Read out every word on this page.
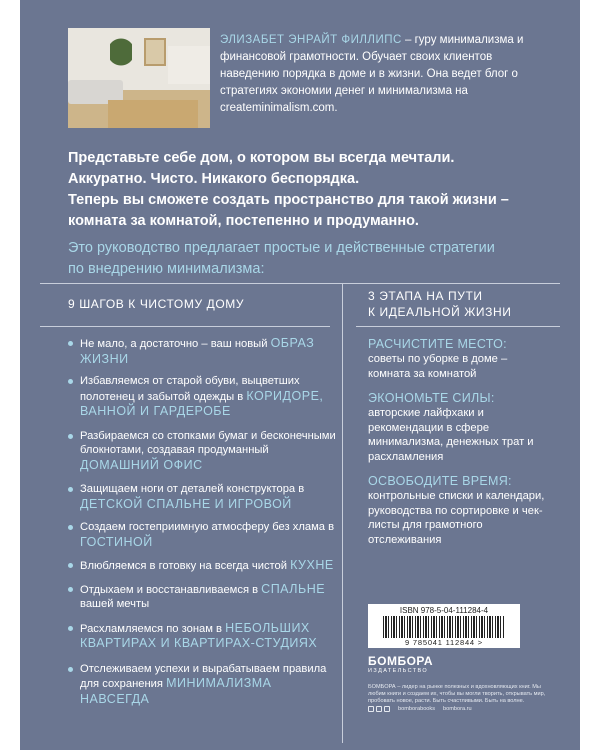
ЭЛИЗАБЕТ ЭНРАЙТ ФИЛЛИПС – гуру минимализма и финансовой грамотности. Обучает своих клиентов наведению порядка в доме и в жизни. Она ведет блог о стратегиях экономии денег и минимализма на createminimalism.com.
Представьте себе дом, о котором вы всегда мечтали.
Аккуратно. Чисто. Никакого беспорядка.
Теперь вы сможете создать пространство для такой жизни –
комната за комнатой, постепенно и продуманно.
Это руководство предлагает простые и действенные стратегии
по внедрению минимализма:
9 ШАГОВ К ЧИСТОМУ ДОМУ
3 ЭТАПА НА ПУТИ
К ИДЕАЛЬНОЙ ЖИЗНИ
Не мало, а достаточно – ваш новый ОБРАЗ ЖИЗНИ
Избавляемся от старой обуви, выцветших полотенец и забытой одежды в КОРИДОРЕ, ВАННОЙ И ГАРДЕРОБЕ
Разбираемся со стопками бумаг и бесконечными блокнотами, создавая продуманный ДОМАШНИЙ ОФИС
Защищаем ноги от деталей конструктора в ДЕТСКОЙ СПАЛЬНЕ И ИГРОВОЙ
Создаем гостеприимную атмосферу без хлама в ГОСТИНОЙ
Влюбляемся в готовку на всегда чистой КУХНЕ
Отдыхаем и восстанавливаемся в СПАЛЬНЕ вашей мечты
Расхламляемся по зонам в НЕБОЛЬШИХ КВАРТИРАХ И КВАРТИРАХ-СТУДИЯХ
Отслеживаем успехи и вырабатываем правила для сохранения МИНИМАЛИЗМА НАВСЕГДА
РАСЧИСТИТЕ МЕСТО:
советы по уборке в доме – комната за комнатой
ЭКОНОМЬТЕ СИЛЫ:
авторские лайфхаки и рекомендации в сфере минимализма, денежных трат и расхламления
ОСВОБОДИТЕ ВРЕМЯ:
контрольные списки и календари, руководства по сортировке и чек-листы для грамотного отслеживания
ISBN 978-5-04-111284-4
9 785041 112844 >
БОМБОРА
ИЗДАТЕЛЬСТВО
БОМБОРА – лидер на рынке полезных и вдохновляющих книг. Мы любим книги и создаем их, чтобы вы могли творить, открывать мир, пробовать новое, расти. Быть счастливыми. Быть на волне.
bomborabooks bombora.ru
